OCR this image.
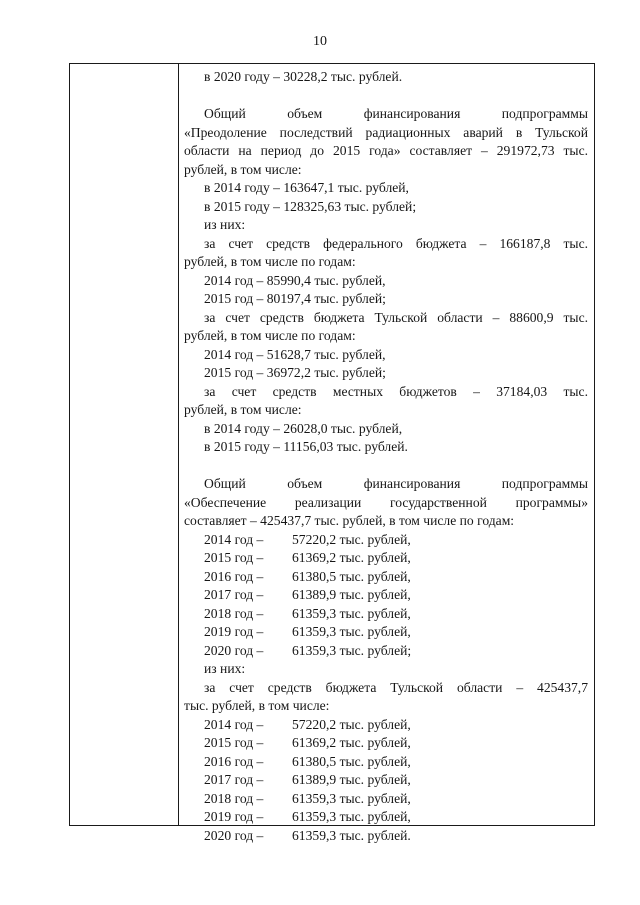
10
в 2020 году – 30228,2 тыс. рублей.
Общий объем финансирования подпрограммы
«Преодоление последствий радиационных аварий в Тульской
области на период до 2015 года» составляет – 291972,73 тыс.
рублей, в том числе:
в 2014 году – 163647,1 тыс. рублей,
в 2015 году – 128325,63 тыс. рублей;
из них:
за счет средств федерального бюджета – 166187,8 тыс.
рублей, в том числе по годам:
2014 год – 85990,4 тыс. рублей,
2015 год – 80197,4 тыс. рублей;
за счет средств бюджета Тульской области – 88600,9 тыс.
рублей, в том числе по годам:
2014 год – 51628,7 тыс. рублей,
2015 год – 36972,2 тыс. рублей;
за счет средств местных бюджетов – 37184,03 тыс.
рублей, в том числе:
в 2014 году – 26028,0 тыс. рублей,
в 2015 году – 11156,03 тыс. рублей.
Общий объем финансирования подпрограммы
«Обеспечение реализации государственной программы»
составляет – 425437,7 тыс. рублей, в том числе по годам:
2014 год – 57220,2 тыс. рублей,
2015 год – 61369,2 тыс. рублей,
2016 год – 61380,5 тыс. рублей,
2017 год – 61389,9 тыс. рублей,
2018 год – 61359,3 тыс. рублей,
2019 год – 61359,3 тыс. рублей,
2020 год – 61359,3 тыс. рублей;
из них:
за счет средств бюджета Тульской области – 425437,7
тыс. рублей, в том числе:
2014 год – 57220,2 тыс. рублей,
2015 год – 61369,2 тыс. рублей,
2016 год – 61380,5 тыс. рублей,
2017 год – 61389,9 тыс. рублей,
2018 год – 61359,3 тыс. рублей,
2019 год – 61359,3 тыс. рублей,
2020 год – 61359,3 тыс. рублей.
